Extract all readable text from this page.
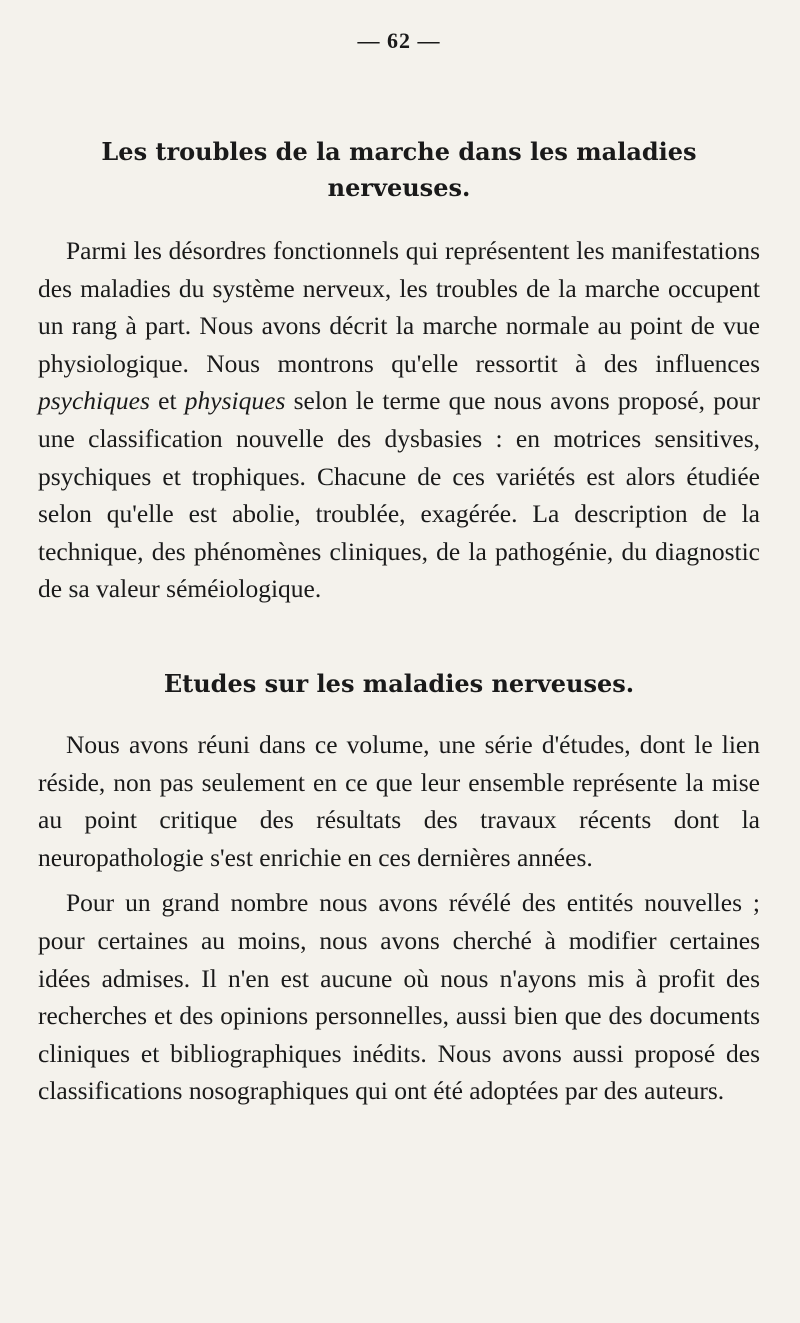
— 62 —
Les troubles de la marche dans les maladies
nerveuses.

Parmi les désordres fonctionnels qui représentent les manifestations des maladies du système nerveux, les troubles de la marche occupent un rang à part. Nous avons décrit la marche normale au point de vue physiologique. Nous montrons qu'elle ressortit à des influences psychiques et physiques selon le terme que nous avons proposé, pour une classification nouvelle des dysbasies : en motrices sensitives, psychiques et trophiques. Chacune de ces variétés est alors étudiée selon qu'elle est abolie, troublée, exagérée. La description de la technique, des phénomènes cliniques, de la pathogénie, du diagnostic de sa valeur séméiologique.

Etudes sur les maladies nerveuses.

Nous avons réuni dans ce volume, une série d'études, dont le lien réside, non pas seulement en ce que leur ensemble représente la mise au point critique des résultats des travaux récents dont la neuropathologie s'est enrichie en ces dernières années.

Pour un grand nombre nous avons révélé des entités nouvelles ; pour certaines au moins, nous avons cherché à modifier certaines idées admises. Il n'en est aucune où nous n'ayons mis à profit des recherches et des opinions personnelles, aussi bien que des documents cliniques et bibliographiques inédits. Nous avons aussi proposé des classifications nosographiques qui ont été adoptées par des auteurs.
